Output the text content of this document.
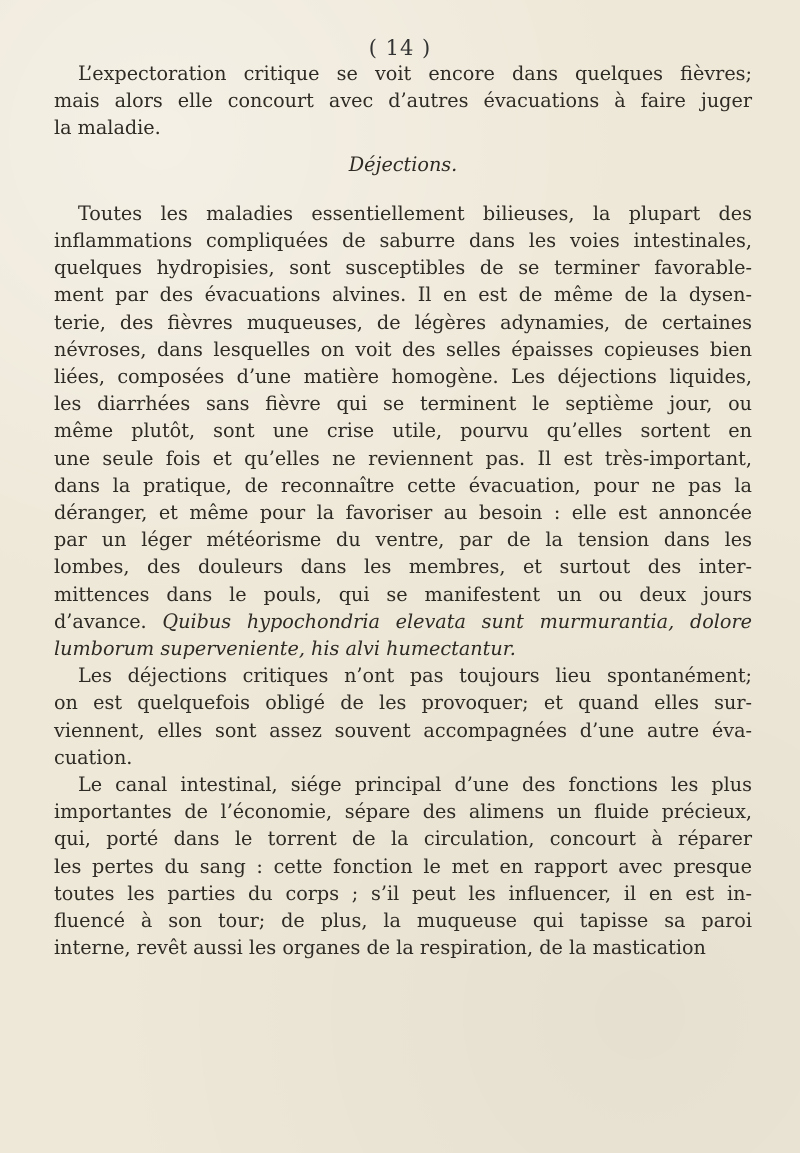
( 14 )
L’expectoration critique se voit encore dans quelques fièvres;
mais alors elle concourt avec d’autres évacuations à faire juger
la maladie.
Déjections.
Toutes les maladies essentiellement bilieuses, la plupart des
inflammations compliquées de saburre dans les voies intestinales,
quelques hydropisies, sont susceptibles de se terminer favorable-
ment par des évacuations alvines. Il en est de même de la dysen-
terie, des fièvres muqueuses, de légères adynamies, de certaines
névroses, dans lesquelles on voit des selles épaisses copieuses bien
liées, composées d’une matière homogène. Les déjections liquides,
les diarrhées sans fièvre qui se terminent le septième jour, ou
même plutôt, sont une crise utile, pourvu qu’elles sortent en
une seule fois et qu’elles ne reviennent pas. Il est très-important,
dans la pratique, de reconnaître cette évacuation, pour ne pas la
déranger, et même pour la favoriser au besoin : elle est annoncée
par un léger météorisme du ventre, par de la tension dans les
lombes, des douleurs dans les membres, et surtout des inter-
mittences dans le pouls, qui se manifestent un ou deux jours
d’avance. Quibus hypochondria elevata sunt murmurantia, dolore
lumborum superveniente, his alvi humectantur.
Les déjections critiques n’ont pas toujours lieu spontanément;
on est quelquefois obligé de les provoquer; et quand elles sur-
viennent, elles sont assez souvent accompagnées d’une autre éva-
cuation.
Le canal intestinal, siége principal d’une des fonctions les plus
importantes de l’économie, sépare des alimens un fluide précieux,
qui, porté dans le torrent de la circulation, concourt à réparer
les pertes du sang : cette fonction le met en rapport avec presque
toutes les parties du corps ; s’il peut les influencer, il en est in-
fluencé à son tour; de plus, la muqueuse qui tapisse sa paroi
interne, revêt aussi les organes de la respiration, de la mastication
